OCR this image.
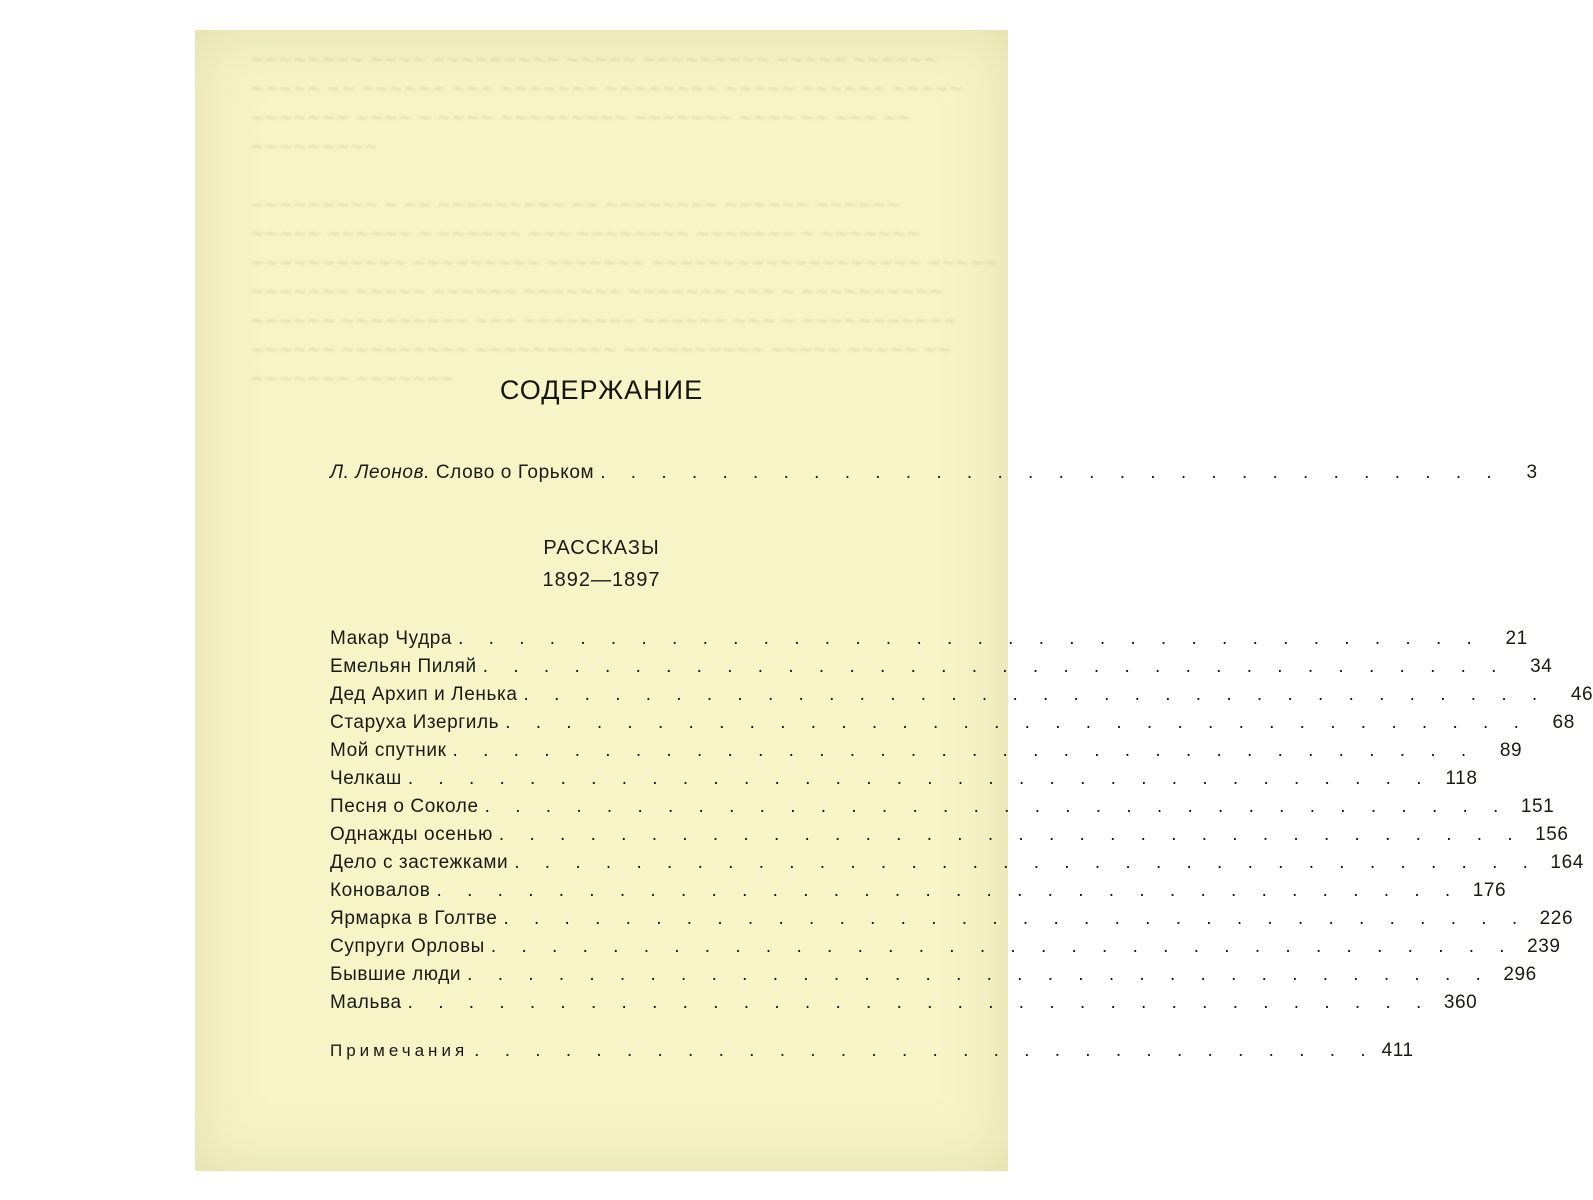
~~~~~~~~ ~~~~ ~~~~~~~~~ ~~~~~ ~~~~~~~~~ ~~~~~ ~~~~~~
~~~~~ ~~ ~~~~~~ ~~~ ~~~~~~~ ~~~~~~~~ ~~~~~ ~~~~~~ ~~~~~
~~~~~~~ ~~~~ ~ ~~~~ ~~~~~~~~~ ~~~~~~~ ~~~~ ~~ ~~~ ~~
~~~~~~~~~

~~~~~~~~~ ~ ~~ ~~~~~~~~~ ~~ ~~~~~~~~ ~~~~~~ ~~~~~~
~~~~~ ~~~~~~ ~ ~~~~~~ ~~~ ~~~~~~~~ ~~~~~~~ ~ ~~~~~~~
~~~~~~~~~~~ ~~~~~~~~~ ~~~~~~~ ~~~~~~~~~~~~~~~~~~~ ~~~~~
~~~~~~~ ~~~~~ ~~~~~~ ~~~~~~~ ~~~~~~~ ~~~ ~ ~~~~~~~~~~
~~~~~~ ~~~~~~~~~ ~~~ ~~~~~~~~ ~~~~~~ ~~~ ~ ~~~~~~~~~~~
~~~~~~ ~~~~~~~~~ ~~~~~~~~~~ ~~~~~~~~~~ ~~~~~ ~~~~~ ~~
~~~~~~~ ~~~~~~~	СОДЕРЖАНИЕ
Л. Леонов. Слово о Горьком . . . . . . . . . . . . . . . . . . . . . . . . . . . . . .	3
РАССКАЗЫ
1892—1897
Макар Чудра . . . . . . . . . . . . . . . . . . . . . . . . . . . . . . . . . .	21
Емельян Пиляй . . . . . . . . . . . . . . . . . . . . . . . . . . . . . . . . . .	34
Дед Архип и Ленька . . . . . . . . . . . . . . . . . . . . . . . . . . . . . . . . . .	46
Старуха Изергиль . . . . . . . . . . . . . . . . . . . . . . . . . . . . . . . . . .	68
Мой спутник . . . . . . . . . . . . . . . . . . . . . . . . . . . . . . . . . .	89
Челкаш . . . . . . . . . . . . . . . . . . . . . . . . . . . . . . . . . . 118
Песня о Соколе . . . . . . . . . . . . . . . . . . . . . . . . . . . . . . . . . . 151
Однажды осенью . . . . . . . . . . . . . . . . . . . . . . . . . . . . . . . . . . 156
Дело с застежками . . . . . . . . . . . . . . . . . . . . . . . . . . . . . . . . . . 164
Коновалов . . . . . . . . . . . . . . . . . . . . . . . . . . . . . . . . . . 176
Ярмарка в Голтве . . . . . . . . . . . . . . . . . . . . . . . . . . . . . . . . . . 226
Супруги Орловы . . . . . . . . . . . . . . . . . . . . . . . . . . . . . . . . . . 239
Бывшие люди . . . . . . . . . . . . . . . . . . . . . . . . . . . . . . . . . . 296
Мальва . . . . . . . . . . . . . . . . . . . . . . . . . . . . . . . . . . 360
Примечания . . . . . . . . . . . . . . . . . . . . . . . . . . . . . . 411
